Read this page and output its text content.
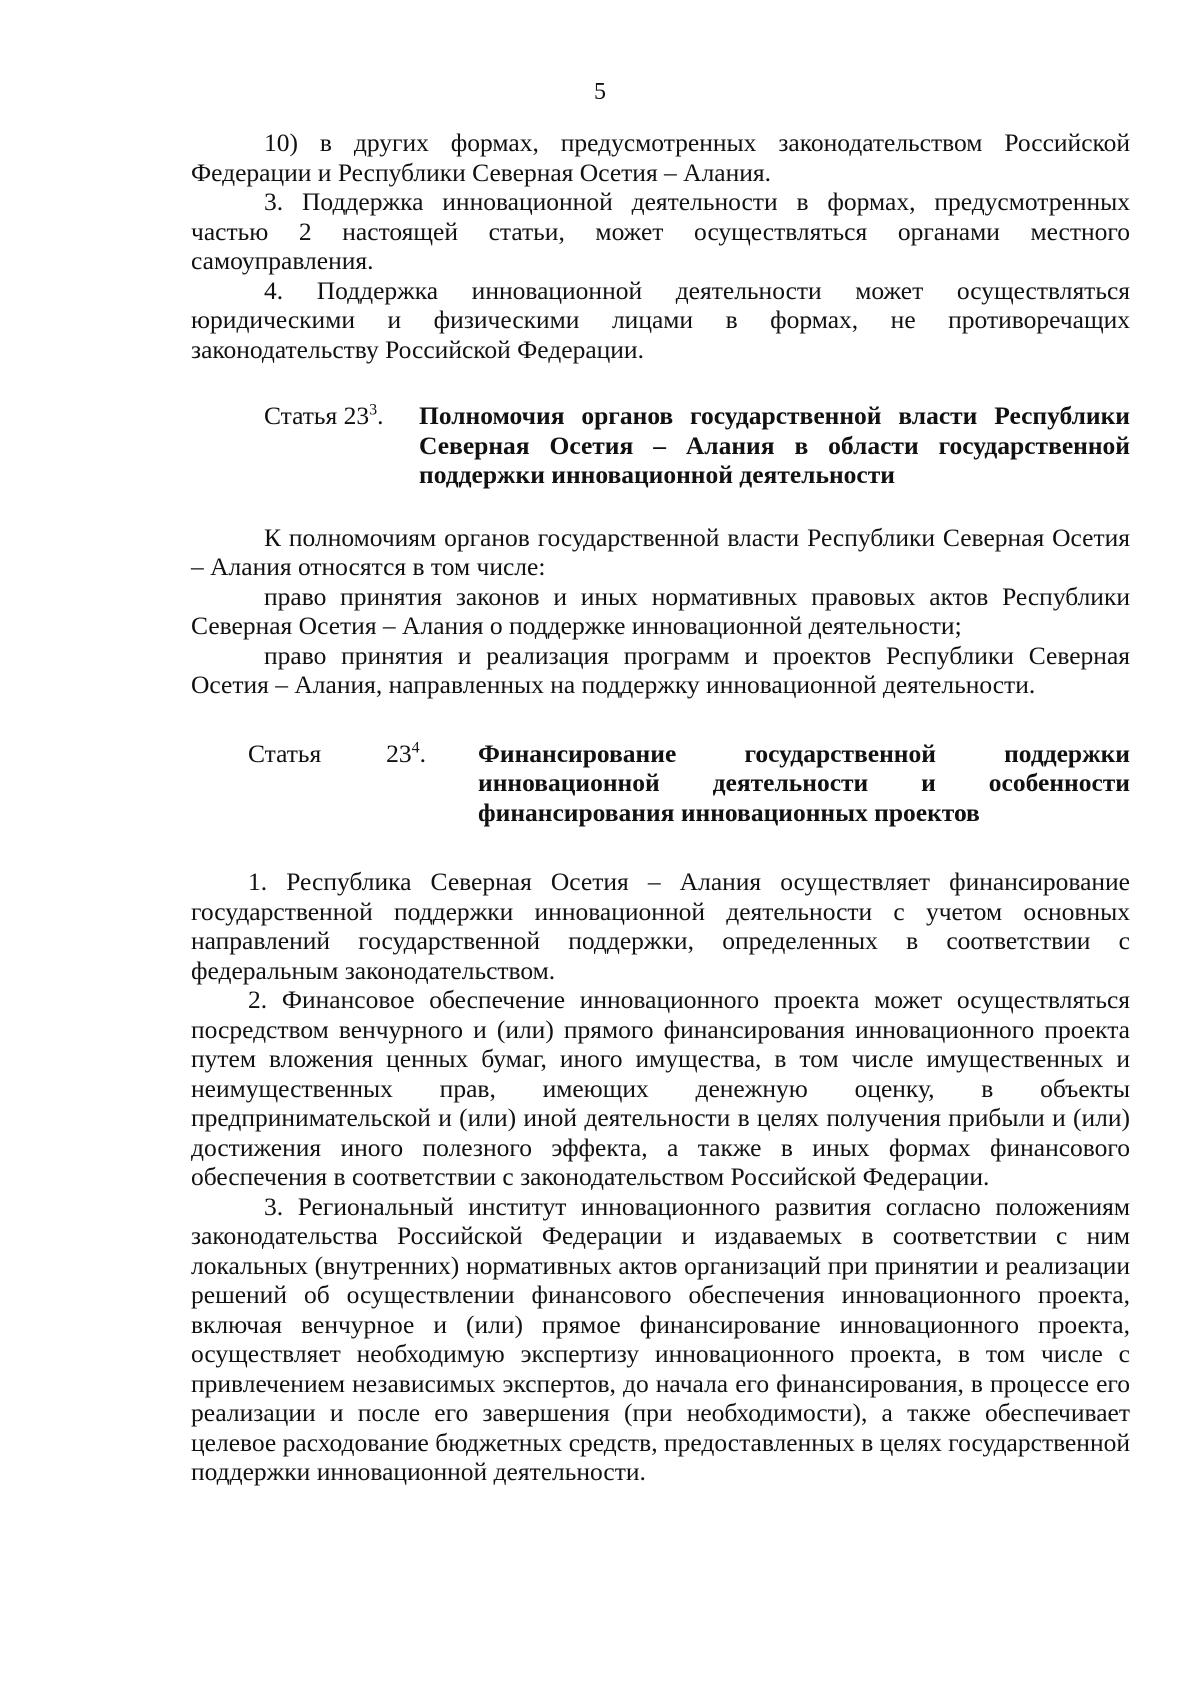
5

10) в других формах, предусмотренных законодательством Российской Федерации и Республики Северная Осетия – Алания.

3. Поддержка инновационной деятельности в формах, предусмотренных частью 2 настоящей статьи, может осуществляться органами местного самоуправления.

4. Поддержка инновационной деятельности может осуществляться юридическими и физическими лицами в формах, не противоречащих законодательству Российской Федерации.

Статья $23^3$.	Полномочия органов государственной власти Республики Северная Осетия – Алания в области государственной поддержки инновационной деятельности

К полномочиям органов государственной власти Республики Северная Осетия – Алания относятся в том числе:

право принятия законов и иных нормативных правовых актов Республики Северная Осетия – Алания о поддержке инновационной деятельности;

право принятия и реализация программ и проектов Республики Северная Осетия – Алания, направленных на поддержку инновационной деятельности.

Статья	$23^4$. Финансирование государственной поддержки инновационной деятельности и особенности
финансирования инновационных проектов

1. Республика Северная Осетия – Алания осуществляет финансирование государственной поддержки инновационной деятельности с учетом основных направлений государственной поддержки, определенных в соответствии с федеральным законодательством.

2. Финансовое обеспечение инновационного проекта может осуществляться посредством венчурного и (или) прямого финансирования инновационного проекта путем вложения ценных бумаг, иного имущества, в том числе имущественных и неимущественных прав, имеющих денежную оценку, в объекты предпринимательской и (или) иной деятельности в целях получения прибыли и (или) достижения иного полезного эффекта, а также в иных формах финансового обеспечения в соответствии с законодательством Российской Федерации.

3. Региональный институт инновационного развития согласно положениям законодательства Российской Федерации и издаваемых в соответствии с ним локальных (внутренних) нормативных актов организаций при принятии и реализации решений об осуществлении финансового обеспечения инновационного проекта, включая венчурное и (или) прямое финансирование инновационного проекта, осуществляет необходимую экспертизу инновационного проекта, в том числе с привлечением независимых экспертов, до начала его финансирования, в процессе его реализации и после его завершения (при необходимости), а также обеспечивает целевое расходование бюджетных средств, предоставленных в целях государственной поддержки инновационной деятельности.
